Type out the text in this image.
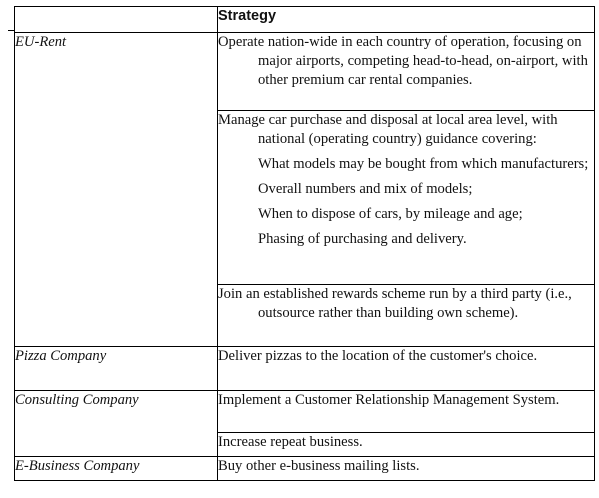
	Strategy
EU-Rent	Operate nation-wide in each country of operation, focusing on major airports, competing head-to-head, on-airport, with other premium car rental companies.

	Manage car purchase and disposal at local area level, with national (operating country) guidance covering:

What models may be bought from which manufacturers;

Overall numbers and mix of models;

When to dispose of cars, by mileage and age;

Phasing of purchasing and delivery.

	Join an established rewards scheme run by a third party (i.e., outsource rather than building own scheme).

Pizza Company	Deliver pizzas to the location of the customer's choice.

Consulting Company	Implement a Customer Relationship Management System.

	Increase repeat business.

E-Business Company	Buy other e-business mailing lists.
